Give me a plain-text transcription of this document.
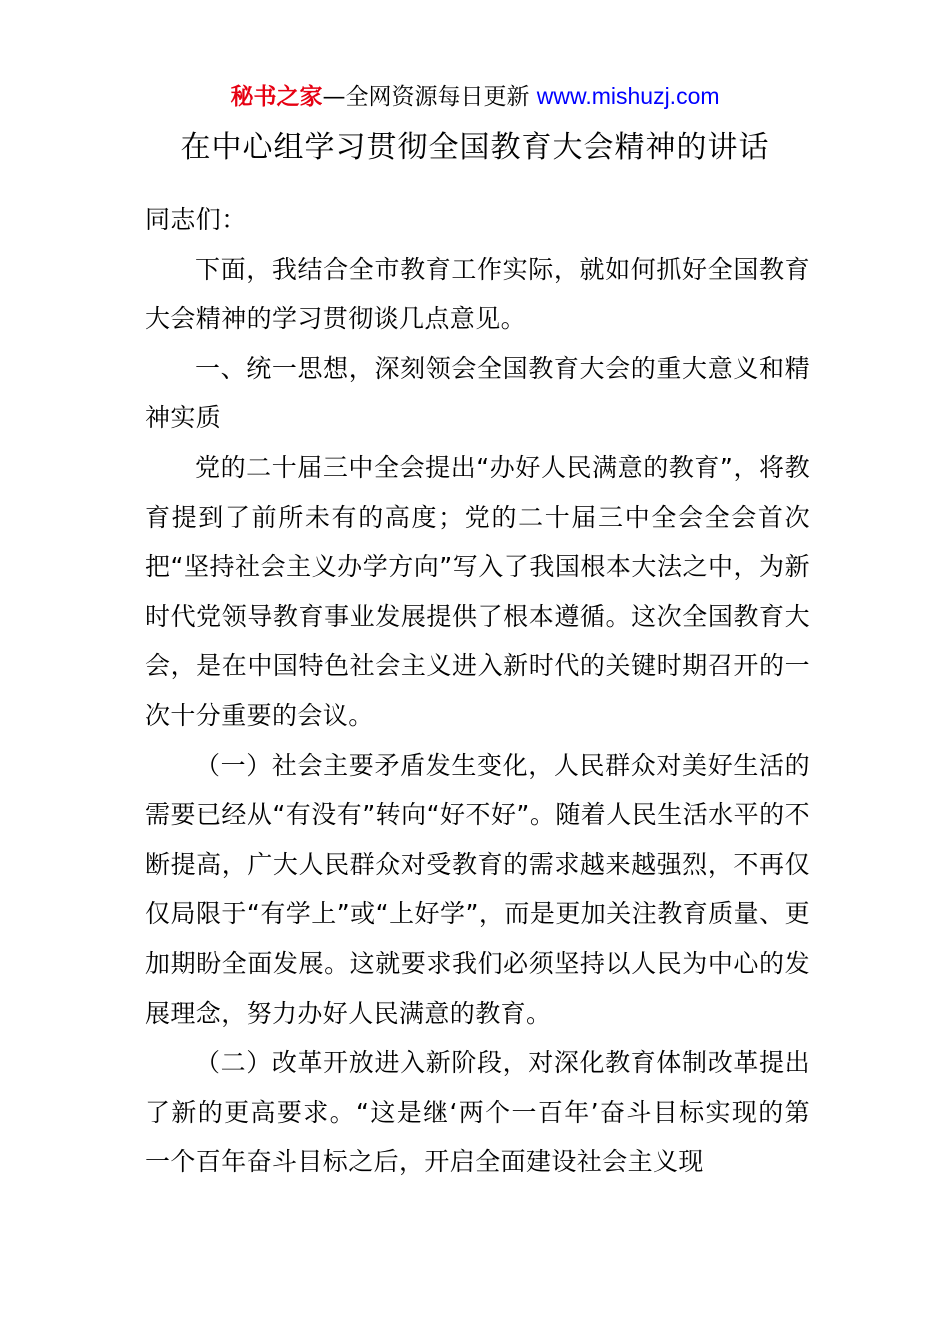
秘书之家—全网资源每日更新 www.mishuzj.com
在中心组学习贯彻全国教育大会精神的讲话

同志们：

下面，我结合全市教育工作实际，就如何抓好全国教育大会精神的学习贯彻谈几点意见。

一、统一思想，深刻领会全国教育大会的重大意义和精神实质

党的二十届三中全会提出“办好人民满意的教育”，将教育提到了前所未有的高度；党的二十届三中全会全会首次把“坚持社会主义办学方向”写入了我国根本大法之中，为新时代党领导教育事业发展提供了根本遵循。这次全国教育大会，是在中国特色社会主义进入新时代的关键时期召开的一次十分重要的会议。

（一）社会主要矛盾发生变化，人民群众对美好生活的需要已经从“有没有”转向“好不好”。随着人民生活水平的不断提高，广大人民群众对受教育的需求越来越强烈，不再仅仅局限于“有学上”或“上好学”，而是更加关注教育质量、更加期盼全面发展。这就要求我们必须坚持以人民为中心的发展理念，努力办好人民满意的教育。

（二）改革开放进入新阶段，对深化教育体制改革提出了新的更高要求。“这是继‘两个一百年’奋斗目标实现的第一个百年奋斗目标之后，开启全面建设社会主义现
